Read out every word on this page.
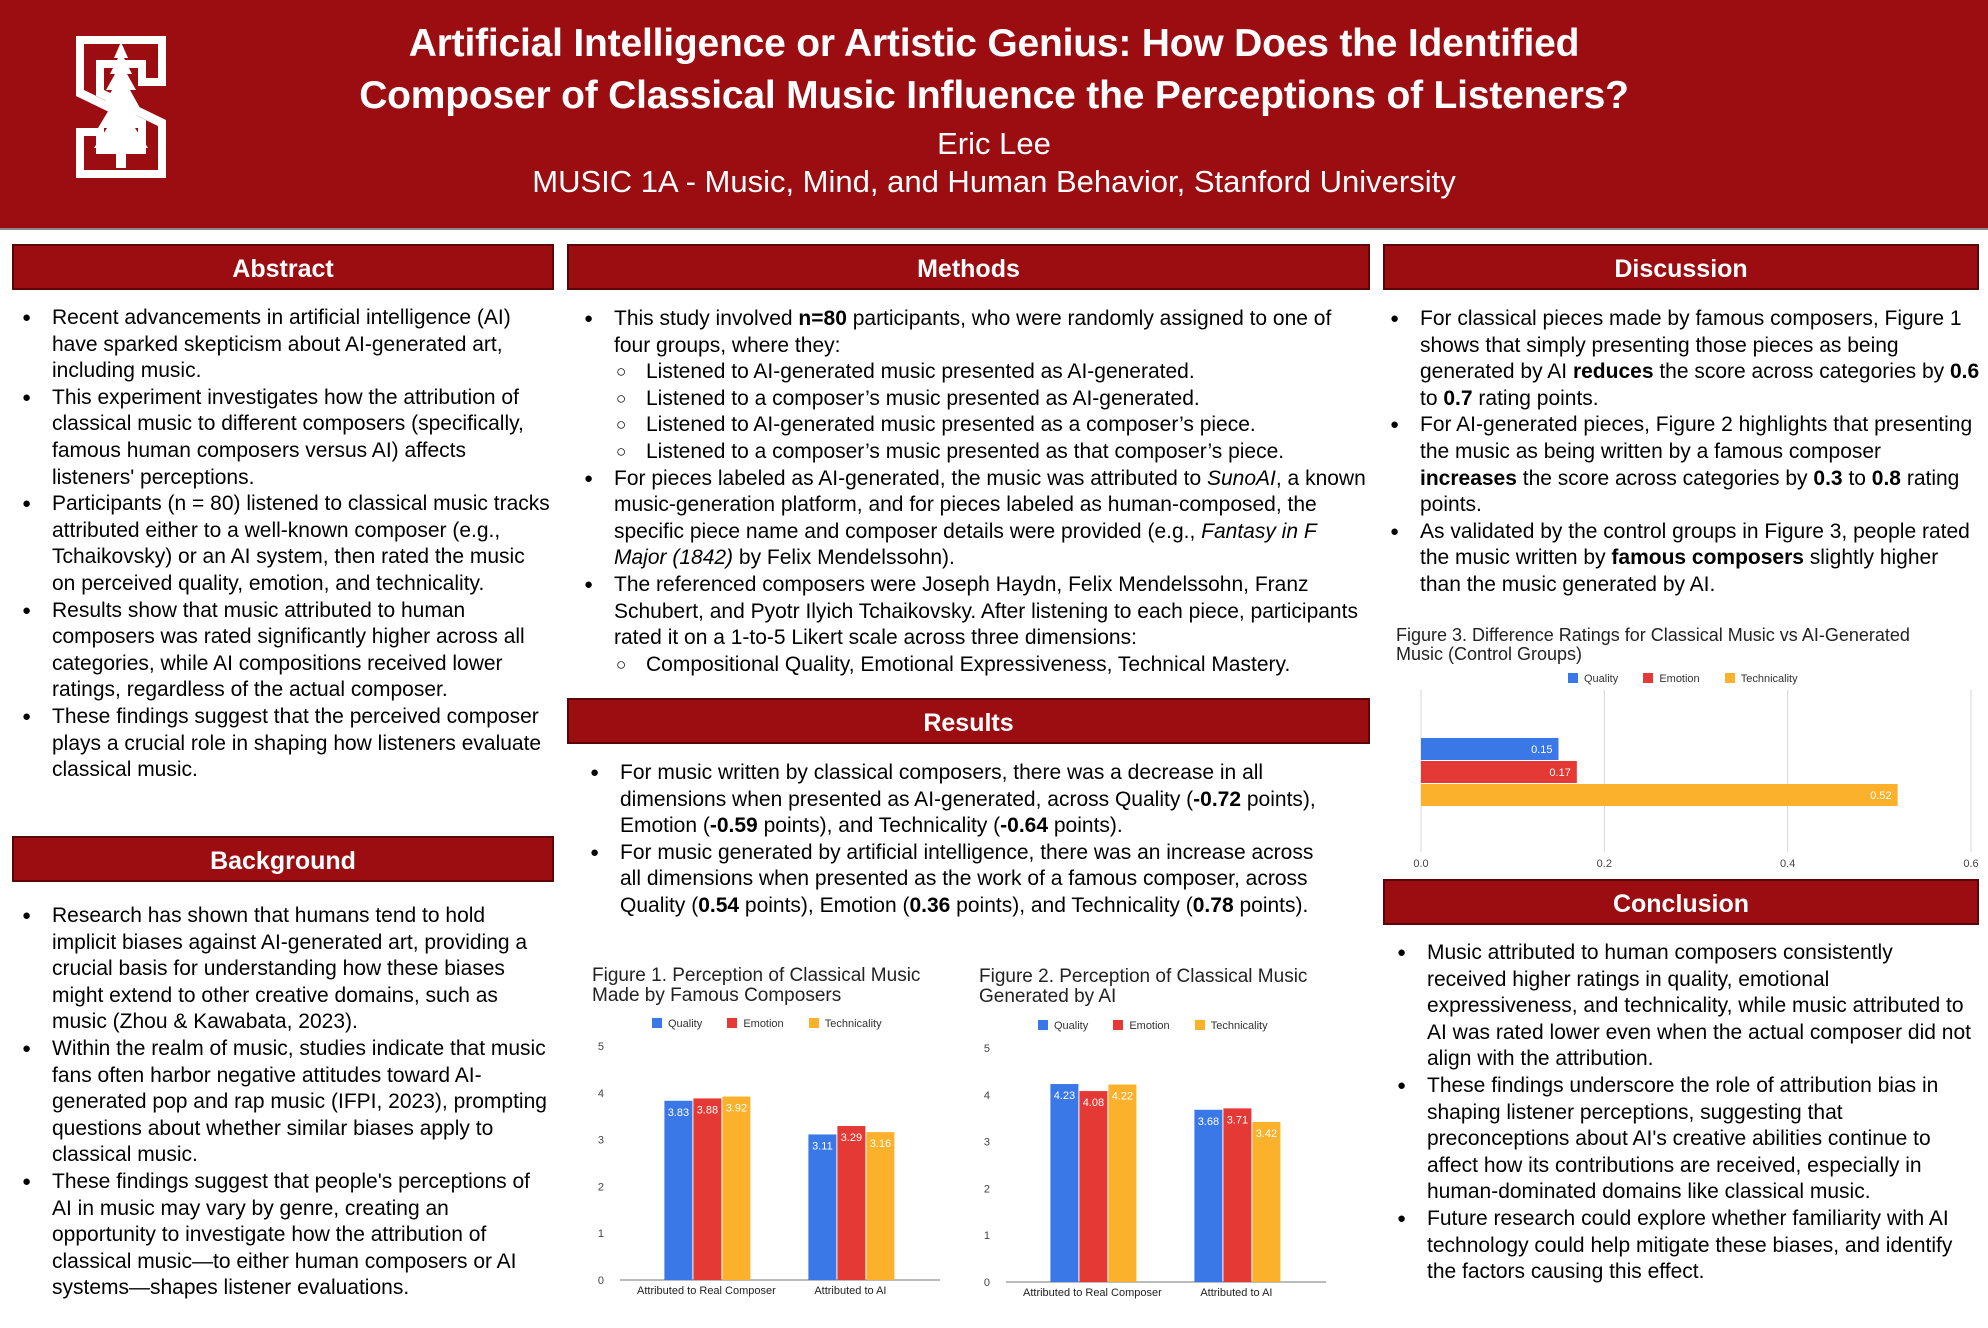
Artificial Intelligence or Artistic Genius: How Does the Identified
Composer of Classical Music Influence the Perceptions of Listeners?
Eric Lee
MUSIC 1A - Music, Mind, and Human Behavior, Stanford University
Abstract
● Recent advancements in artificial intelligence (AI) have sparked skepticism about AI-generated art, including music.
● This experiment investigates how the attribution of classical music to different composers (specifically, famous human composers versus AI) affects listeners' perceptions.
● Participants (n = 80) listened to classical music tracks attributed either to a well-known composer (e.g., Tchaikovsky) or an AI system, then rated the music on perceived quality, emotion, and technicality.
● Results show that music attributed to human composers was rated significantly higher across all categories, while AI compositions received lower ratings, regardless of the actual composer.
● These findings suggest that the perceived composer plays a crucial role in shaping how listeners evaluate classical music.
Background
● Research has shown that humans tend to hold implicit biases against AI-generated art, providing a crucial basis for understanding how these biases might extend to other creative domains, such as music (Zhou & Kawabata, 2023).
● Within the realm of music, studies indicate that music fans often harbor negative attitudes toward AI-generated pop and rap music (IFPI, 2023), prompting questions about whether similar biases apply to classical music.
● These findings suggest that people's perceptions of AI in music may vary by genre, creating an opportunity to investigate how the attribution of classical music—to either human composers or AI systems—shapes listener evaluations.
Methods
● This study involved n=80 participants, who were randomly assigned to one of four groups, where they:
○ Listened to AI-generated music presented as AI-generated.
○ Listened to a composer’s music presented as AI-generated.
○ Listened to AI-generated music presented as a composer’s piece.
○ Listened to a composer’s music presented as that composer’s piece.
● For pieces labeled as AI-generated, the music was attributed to SunoAI, a known music-generation platform, and for pieces labeled as human-composed, the specific piece name and composer details were provided (e.g., Fantasy in F Major (1842) by Felix Mendelssohn).
● The referenced composers were Joseph Haydn, Felix Mendelssohn, Franz Schubert, and Pyotr Ilyich Tchaikovsky. After listening to each piece, participants rated it on a 1-to-5 Likert scale across three dimensions:
○ Compositional Quality, Emotional Expressiveness, Technical Mastery.
Results
● For music written by classical composers, there was a decrease in all dimensions when presented as AI-generated, across Quality (-0.72 points), Emotion (-0.59 points), and Technicality (-0.64 points).
● For music generated by artificial intelligence, there was an increase across all dimensions when presented as the work of a famous composer, across Quality (0.54 points), Emotion (0.36 points), and Technicality (0.78 points).
Figure 1. Perception of Classical Music
Made by Famous Composers
Quality	Emotion	Technicality
0
1
2
3
4
5
3.83 3.88 3.92
Attributed to Real Composer
3.11
3.29
3.16
Attributed to AI
Figure 2. Perception of Classical Music
Generated by AI
Quality	Emotion	Technicality
0
1
2
3
4
5
4.23
4.08
4.22
Attributed to Real Composer
3.68 3.71
3.42
Attributed to AI
Discussion
● For classical pieces made by famous composers, Figure 1 shows that simply presenting those pieces as being generated by AI reduces the score across categories by 0.6 to 0.7 rating points.
● For AI-generated pieces, Figure 2 highlights that presenting the music as being written by a famous composer increases the score across categories by 0.3 to 0.8 rating points.
● As validated by the control groups in Figure 3, people rated the music written by famous composers slightly higher than the music generated by AI.
Figure 3. Difference Ratings for Classical Music vs AI-Generated
Music (Control Groups)
Quality	Emotion	Technicality
0.0	0.2	0.4	0.6
0.15
0.17
0.52
Conclusion
● Music attributed to human composers consistently received higher ratings in quality, emotional expressiveness, and technicality, while music attributed to AI was rated lower even when the actual composer did not align with the attribution.
● These findings underscore the role of attribution bias in shaping listener perceptions, suggesting that preconceptions about AI's creative abilities continue to affect how its contributions are received, especially in human-dominated domains like classical music.
● Future research could explore whether familiarity with AI technology could help mitigate these biases, and identify the factors causing this effect.
